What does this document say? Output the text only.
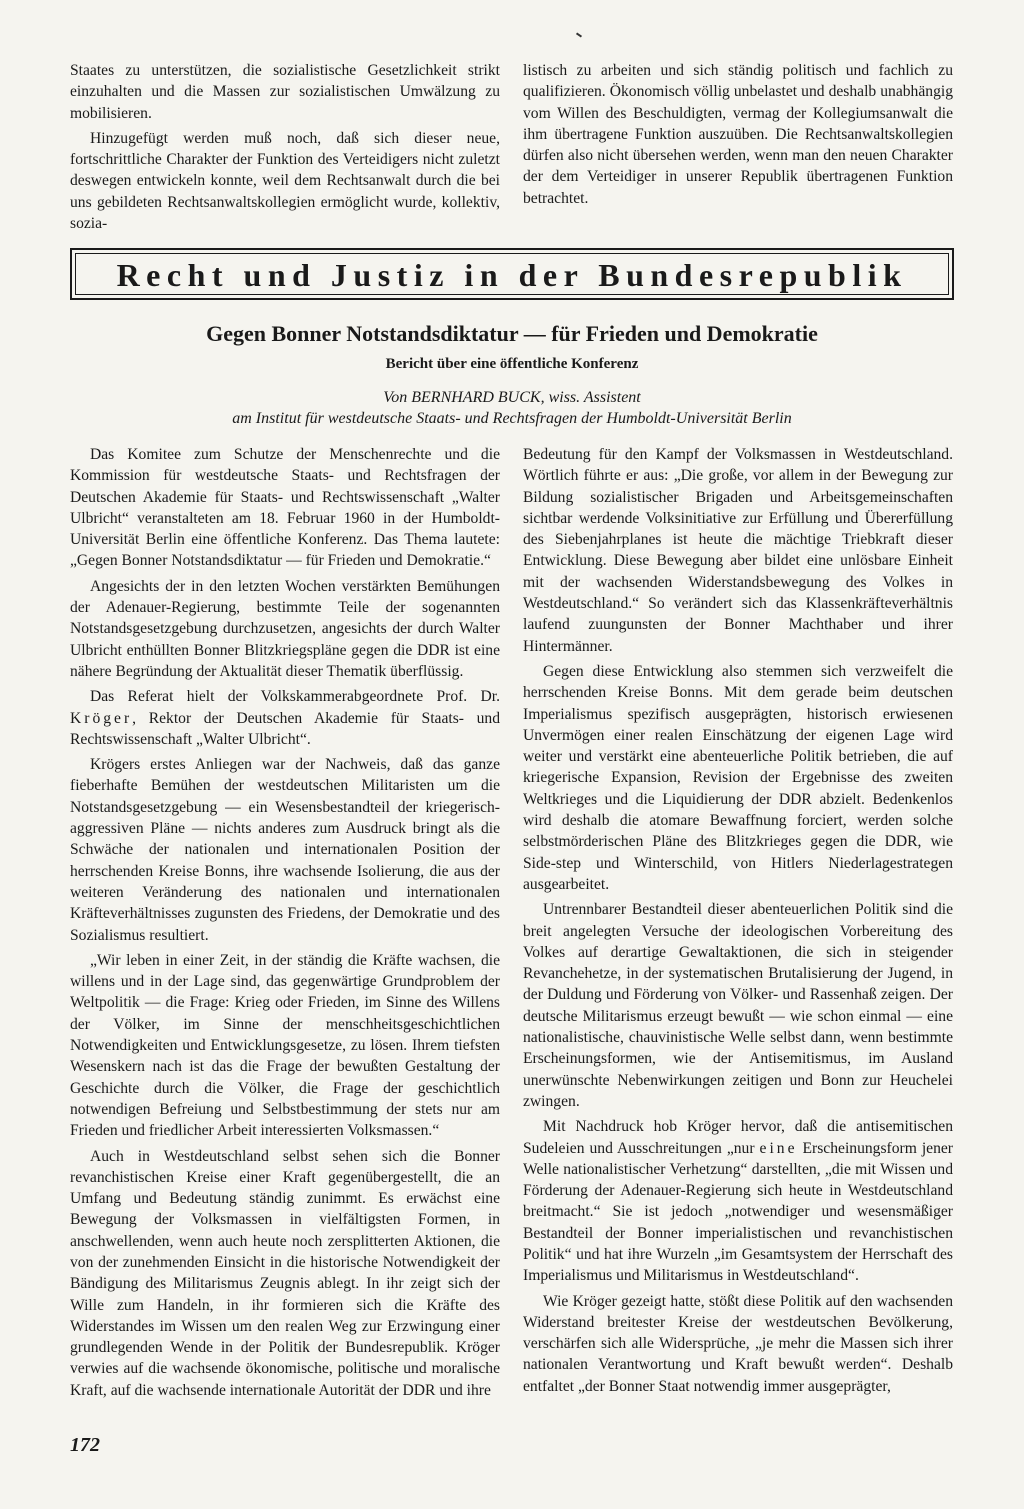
Staates zu unterstützen, die sozialistische Gesetzlichkeit strikt einzuhalten und die Massen zur sozialistischen Umwälzung zu mobilisieren.

Hinzugefügt werden muß noch, daß sich dieser neue, fortschrittliche Charakter der Funktion des Verteidigers nicht zuletzt deswegen entwickeln konnte, weil dem Rechtsanwalt durch die bei uns gebildeten Rechtsanwaltskollegien ermöglicht wurde, kollektiv, sozia-

listisch zu arbeiten und sich ständig politisch und fachlich zu qualifizieren. Ökonomisch völlig unbelastet und deshalb unabhängig vom Willen des Beschuldigten, vermag der Kollegiumsanwalt die ihm übertragene Funktion auszuüben. Die Rechtsanwaltskollegien dürfen also nicht übersehen werden, wenn man den neuen Charakter der dem Verteidiger in unserer Republik übertragenen Funktion betrachtet.

Recht und Justiz in der Bundesrepublik
Gegen Bonner Notstandsdiktatur — für Frieden und Demokratie
Bericht über eine öffentliche Konferenz
Von BERNHARD BUCK, wiss. Assistent
am Institut für westdeutsche Staats- und Rechtsfragen der Humboldt-Universität Berlin

Das Komitee zum Schutze der Menschenrechte und die Kommission für westdeutsche Staats- und Rechtsfragen der Deutschen Akademie für Staats- und Rechtswissenschaft „Walter Ulbricht“ veranstalteten am 18. Februar 1960 in der Humboldt-Universität Berlin eine öffentliche Konferenz. Das Thema lautete: „Gegen Bonner Notstandsdiktatur — für Frieden und Demokratie.“

Angesichts der in den letzten Wochen verstärkten Bemühungen der Adenauer-Regierung, bestimmte Teile der sogenannten Notstandsgesetzgebung durchzusetzen, angesichts der durch Walter Ulbricht enthüllten Bonner Blitzkriegspläne gegen die DDR ist eine nähere Begründung der Aktualität dieser Thematik überflüssig.

Das Referat hielt der Volkskammerabgeordnete Prof. Dr. Kröger, Rektor der Deutschen Akademie für Staats- und Rechtswissenschaft „Walter Ulbricht“.

Krögers erstes Anliegen war der Nachweis, daß das ganze fieberhafte Bemühen der westdeutschen Militaristen um die Notstandsgesetzgebung — ein Wesensbestandteil der kriegerisch-aggressiven Pläne — nichts anderes zum Ausdruck bringt als die Schwäche der nationalen und internationalen Position der herrschenden Kreise Bonns, ihre wachsende Isolierung, die aus der weiteren Veränderung des nationalen und internationalen Kräfteverhältnisses zugunsten des Friedens, der Demokratie und des Sozialismus resultiert.

„Wir leben in einer Zeit, in der ständig die Kräfte wachsen, die willens und in der Lage sind, das gegenwärtige Grundproblem der Weltpolitik — die Frage: Krieg oder Frieden, im Sinne des Willens der Völker, im Sinne der menschheitsgeschichtlichen Notwendigkeiten und Entwicklungsgesetze, zu lösen. Ihrem tiefsten Wesenskern nach ist das die Frage der bewußten Gestaltung der Geschichte durch die Völker, die Frage der geschichtlich notwendigen Befreiung und Selbstbestimmung der stets nur am Frieden und friedlicher Arbeit interessierten Volksmassen.“

Auch in Westdeutschland selbst sehen sich die Bonner revanchistischen Kreise einer Kraft gegenübergestellt, die an Umfang und Bedeutung ständig zunimmt. Es erwächst eine Bewegung der Volksmassen in vielfältigsten Formen, in anschwellenden, wenn auch heute noch zersplitterten Aktionen, die von der zunehmenden Einsicht in die historische Notwendigkeit der Bändigung des Militarismus Zeugnis ablegt. In ihr zeigt sich der Wille zum Handeln, in ihr formieren sich die Kräfte des Widerstandes im Wissen um den realen Weg zur Erzwingung einer grundlegenden Wende in der Politik der Bundesrepublik. Kröger verwies auf die wachsende ökonomische, politische und moralische Kraft, auf die wachsende internationale Autorität der DDR und ihre

Bedeutung für den Kampf der Volksmassen in Westdeutschland. Wörtlich führte er aus: „Die große, vor allem in der Bewegung zur Bildung sozialistischer Brigaden und Arbeitsgemeinschaften sichtbar werdende Volksinitiative zur Erfüllung und Übererfüllung des Siebenjahrplanes ist heute die mächtige Triebkraft dieser Entwicklung. Diese Bewegung aber bildet eine unlösbare Einheit mit der wachsenden Widerstandsbewegung des Volkes in Westdeutschland.“ So verändert sich das Klassenkräfteverhältnis laufend zuungunsten der Bonner Machthaber und ihrer Hintermänner.

Gegen diese Entwicklung also stemmen sich verzweifelt die herrschenden Kreise Bonns. Mit dem gerade beim deutschen Imperialismus spezifisch ausgeprägten, historisch erwiesenen Unvermögen einer realen Einschätzung der eigenen Lage wird weiter und verstärkt eine abenteuerliche Politik betrieben, die auf kriegerische Expansion, Revision der Ergebnisse des zweiten Weltkrieges und die Liquidierung der DDR abzielt. Bedenkenlos wird deshalb die atomare Bewaffnung forciert, werden solche selbstmörderischen Pläne des Blitzkrieges gegen die DDR, wie Side-step und Winterschild, von Hitlers Niederlagestrategen ausgearbeitet.

Untrennbarer Bestandteil dieser abenteuerlichen Politik sind die breit angelegten Versuche der ideologischen Vorbereitung des Volkes auf derartige Gewaltaktionen, die sich in steigender Revanchehetze, in der systematischen Brutalisierung der Jugend, in der Duldung und Förderung von Völker- und Rassenhaß zeigen. Der deutsche Militarismus erzeugt bewußt — wie schon einmal — eine nationalistische, chauvinistische Welle selbst dann, wenn bestimmte Erscheinungsformen, wie der Antisemitismus, im Ausland unerwünschte Nebenwirkungen zeitigen und Bonn zur Heuchelei zwingen.

Mit Nachdruck hob Kröger hervor, daß die antisemitischen Sudeleien und Ausschreitungen „nur eine Erscheinungsform jener Welle nationalistischer Verhetzung“ darstellten, „die mit Wissen und Förderung der Adenauer-Regierung sich heute in Westdeutschland breitmacht.“ Sie ist jedoch „notwendiger und wesensmäßiger Bestandteil der Bonner imperialistischen und revanchistischen Politik“ und hat ihre Wurzeln „im Gesamtsystem der Herrschaft des Imperialismus und Militarismus in Westdeutschland“.

Wie Kröger gezeigt hatte, stößt diese Politik auf den wachsenden Widerstand breitester Kreise der westdeutschen Bevölkerung, verschärfen sich alle Widersprüche, „je mehr die Massen sich ihrer nationalen Verantwortung und Kraft bewußt werden“. Deshalb entfaltet „der Bonner Staat notwendig immer ausgeprägter,

172
